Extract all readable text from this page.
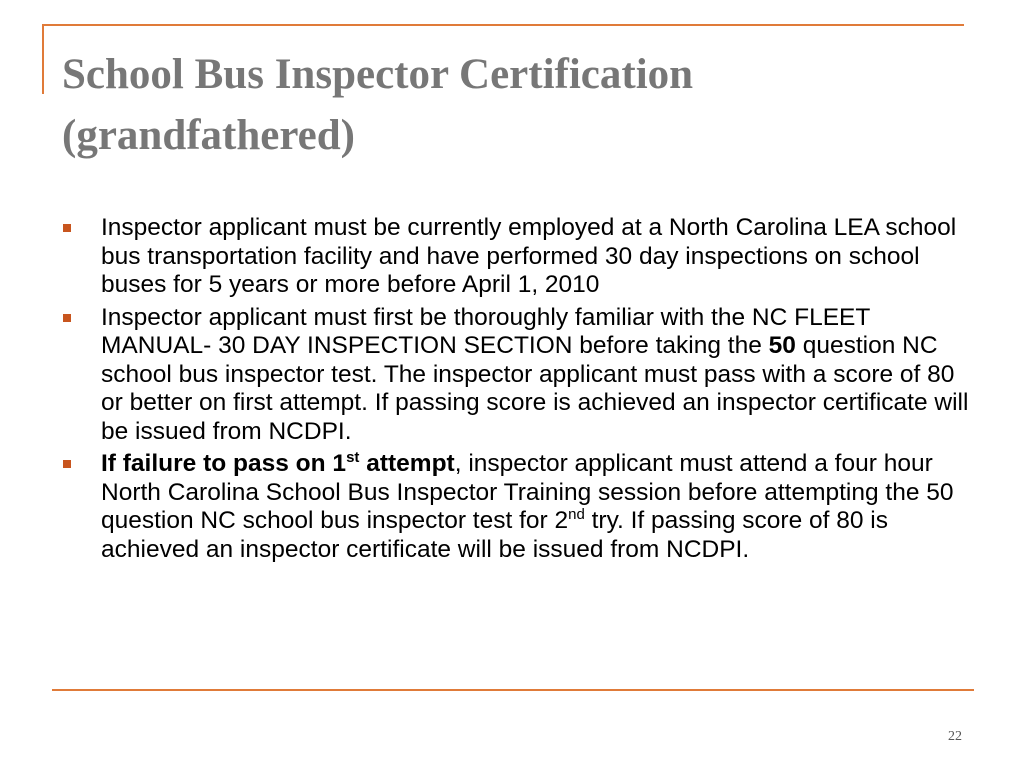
School Bus Inspector Certification
(grandfathered)
Inspector applicant must be currently employed at a North Carolina LEA school bus transportation facility and have performed 30 day inspections on school buses for 5 years or more before April 1, 2010
Inspector applicant must first be thoroughly familiar with the NC FLEET MANUAL- 30 DAY INSPECTION SECTION before taking the 50 question NC school bus inspector test. The inspector applicant must pass with a score of 80 or better on first attempt. If passing score is achieved an inspector certificate will be issued from NCDPI.
If failure to pass on 1st attempt, inspector applicant must attend a four hour North Carolina School Bus Inspector Training session before attempting the 50 question NC school bus inspector test for 2nd try. If passing score of 80 is achieved an inspector certificate will be issued from NCDPI.
22
